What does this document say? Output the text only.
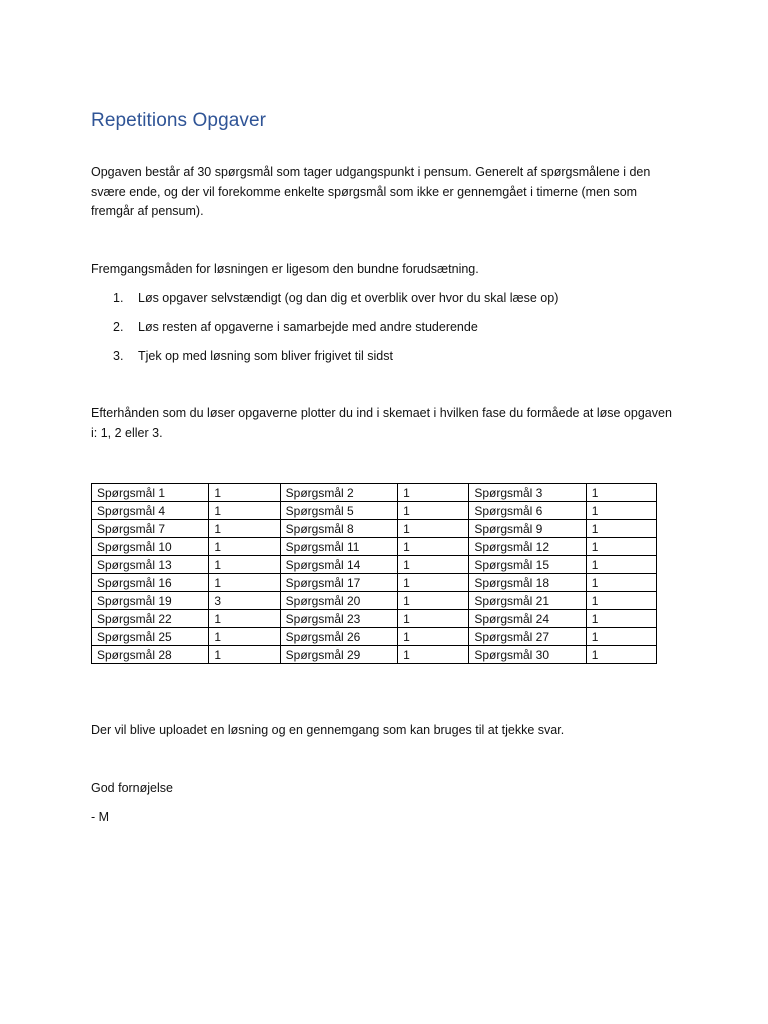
Repetitions Opgaver

Opgaven består af 30 spørgsmål som tager udgangspunkt i pensum. Generelt af spørgsmålene i den svære ende, og der vil forekomme enkelte spørgsmål som ikke er gennemgået i timerne (men som fremgår af pensum).

Fremgangsmåden for løsningen er ligesom den bundne forudsætning.

1. Løs opgaver selvstændigt (og dan dig et overblik over hvor du skal læse op)
2. Løs resten af opgaverne i samarbejde med andre studerende
3. Tjek op med løsning som bliver frigivet til sidst

Efterhånden som du løser opgaverne plotter du ind i skemaet i hvilken fase du formåede at løse opgaven i: 1, 2 eller 3.

Spørgsmål 1	1	Spørgsmål 2	1	Spørgsmål 3	1
Spørgsmål 4	1	Spørgsmål 5	1	Spørgsmål 6	1
Spørgsmål 7	1	Spørgsmål 8	1	Spørgsmål 9	1
Spørgsmål 10	1	Spørgsmål 11	1	Spørgsmål 12	1
Spørgsmål 13	1	Spørgsmål 14	1	Spørgsmål 15	1
Spørgsmål 16	1	Spørgsmål 17	1	Spørgsmål 18	1
Spørgsmål 19	3	Spørgsmål 20	1	Spørgsmål 21	1
Spørgsmål 22	1	Spørgsmål 23	1	Spørgsmål 24	1
Spørgsmål 25	1	Spørgsmål 26	1	Spørgsmål 27	1
Spørgsmål 28	1	Spørgsmål 29	1	Spørgsmål 30	1

Der vil blive uploadet en løsning og en gennemgang som kan bruges til at tjekke svar.

God fornøjelse

- M
